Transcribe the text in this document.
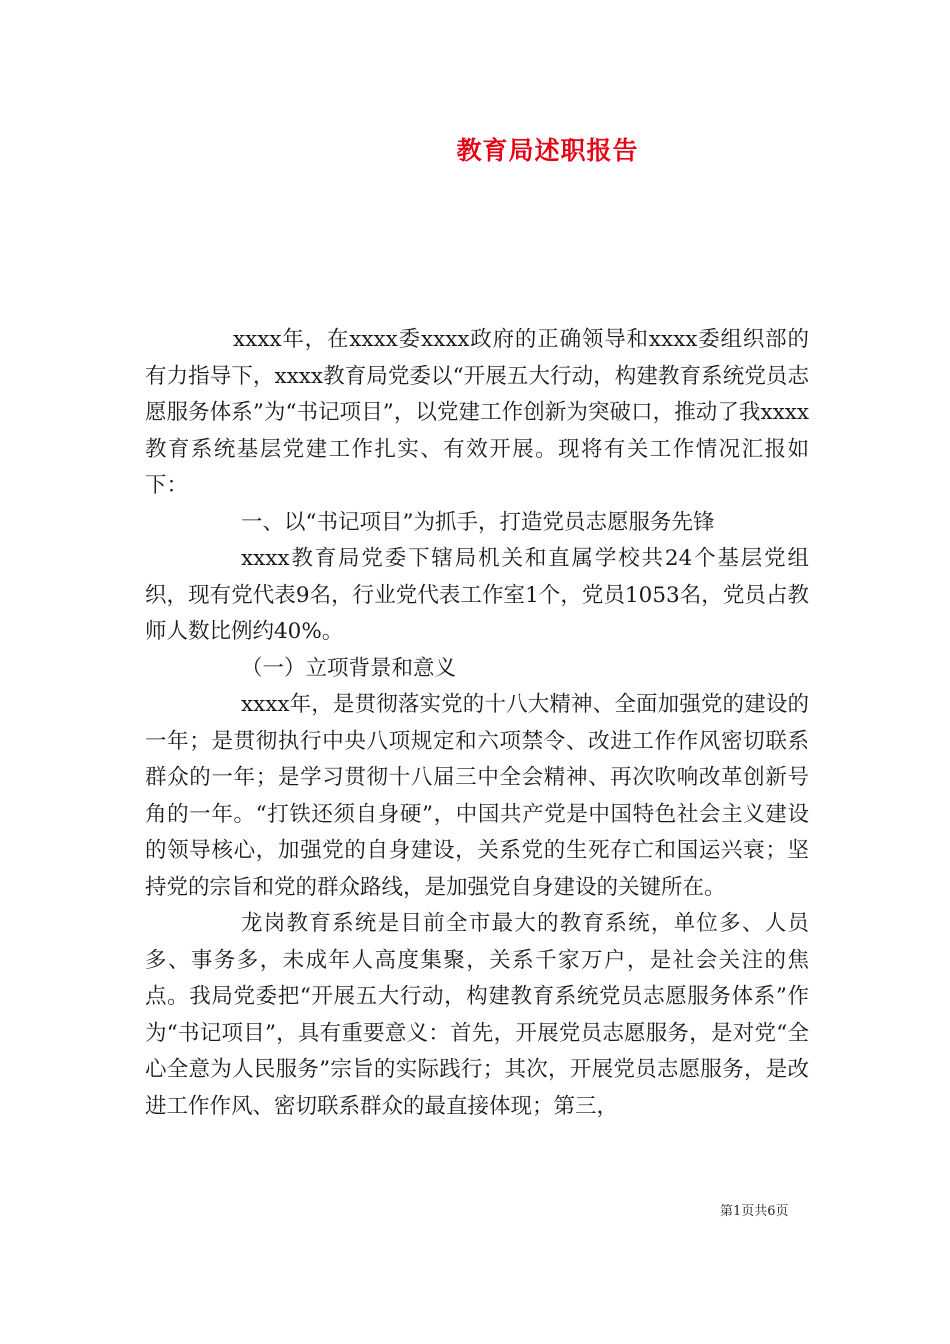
教育局述职报告

xxxx年，在xxxx委xxxx政府的正确领导和xxxx委组织部的有力指导下，xxxx教育局党委以“开展五大行动，构建教育系统党员志愿服务体系”为“书记项目”，以党建工作创新为突破口，推动了我xxxx教育系统基层党建工作扎实、有效开展。现将有关工作情况汇报如下：

一、以“书记项目”为抓手，打造党员志愿服务先锋

xxxx教育局党委下辖局机关和直属学校共24个基层党组织，现有党代表9名，行业党代表工作室1个，党员1053名，党员占教师人数比例约40%。

（一）立项背景和意义

xxxx年，是贯彻落实党的十八大精神、全面加强党的建设的一年；是贯彻执行中央八项规定和六项禁令、改进工作作风密切联系群众的一年；是学习贯彻十八届三中全会精神、再次吹响改革创新号角的一年。“打铁还须自身硬”，中国共产党是中国特色社会主义建设的领导核心，加强党的自身建设，关系党的生死存亡和国运兴衰；坚持党的宗旨和党的群众路线，是加强党自身建设的关键所在。

龙岗教育系统是目前全市最大的教育系统，单位多、人员多、事务多，未成年人高度集聚，关系千家万户，是社会关注的焦点。我局党委把“开展五大行动，构建教育系统党员志愿服务体系”作为“书记项目”，具有重要意义：首先，开展党员志愿服务，是对党“全心全意为人民服务”宗旨的实际践行；其次，开展党员志愿服务，是改进工作作风、密切联系群众的最直接体现；第三，

第1页共6页
